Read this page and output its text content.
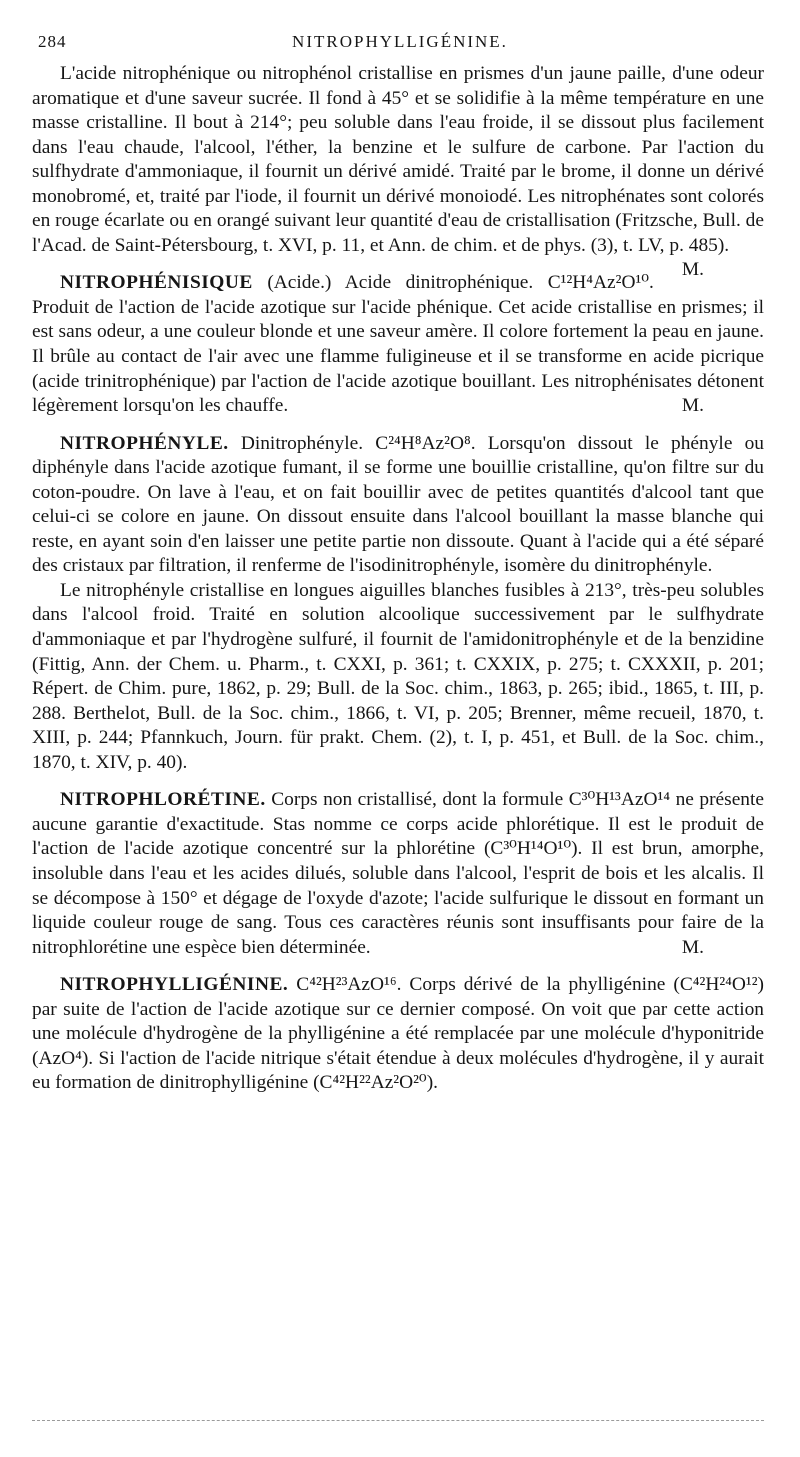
284	NITROPHYLLIGÉNINE.

L'acide nitrophénique ou nitrophénol cristallise en prismes d'un jaune paille, d'une odeur aromatique et d'une saveur sucrée. Il fond à 45° et se solidifie à la même température en une masse cristalline. Il bout à 214°; peu soluble dans l'eau froide, il se dissout plus facilement dans l'eau chaude, l'alcool, l'éther, la benzine et le sulfure de carbone. Par l'action du sulfhydrate d'ammoniaque, il fournit un dérivé amidé. Traité par le brome, il donne un dérivé monobromé, et, traité par l'iode, il fournit un dérivé monoiodé. Les nitrophénates sont colorés en rouge écarlate ou en orangé suivant leur quantité d'eau de cristallisation (Fritzsche, Bull. de l'Acad. de Saint-Pétersbourg, t. XVI, p. 11, et Ann. de chim. et de phys. (3), t. LV, p. 485).
M.

NITROPHÉNISIQUE (Acide.) Acide dinitrophénique. C¹²H⁴Az²O¹⁰. Produit de l'action de l'acide azotique sur l'acide phénique. Cet acide cristallise en prismes; il est sans odeur, a une couleur blonde et une saveur amère. Il colore fortement la peau en jaune. Il brûle au contact de l'air avec une flamme fuligineuse et il se transforme en acide picrique (acide trinitrophénique) par l'action de l'acide azotique bouillant. Les nitrophénisates détonent légèrement lorsqu'on les chauffe.	M.

NITROPHÉNYLE. Dinitrophényle. C²⁴H⁸Az²O⁸. Lorsqu'on dissout le phényle ou diphényle dans l'acide azotique fumant, il se forme une bouillie cristalline, qu'on filtre sur du coton-poudre. On lave à l'eau, et on fait bouillir avec de petites quantités d'alcool tant que celui-ci se colore en jaune. On dissout ensuite dans l'alcool bouillant la masse blanche qui reste, en ayant soin d'en laisser une petite partie non dissoute. Quant à l'acide qui a été séparé des cristaux par filtration, il renferme de l'isodinitrophényle, isomère du dinitrophényle.

Le nitrophényle cristallise en longues aiguilles blanches fusibles à 213°, très-peu solubles dans l'alcool froid. Traité en solution alcoolique successivement par le sulfhydrate d'ammoniaque et par l'hydrogène sulfuré, il fournit de l'amidonitrophényle et de la benzidine (Fittig, Ann. der Chem. u. Pharm., t. CXXI, p. 361; t. CXXIX, p. 275; t. CXXXII, p. 201; Répert. de Chim. pure, 1862, p. 29; Bull. de la Soc. chim., 1863, p. 265; ibid., 1865, t. III, p. 288. Berthelot, Bull. de la Soc. chim., 1866, t. VI, p. 205; Brenner, même recueil, 1870, t. XIII, p. 244; Pfannkuch, Journ. für prakt. Chem. (2), t. I, p. 451, et Bull. de la Soc. chim., 1870, t. XIV, p. 40).

NITROPHLORÉTINE. Corps non cristallisé, dont la formule C³⁰H¹³AzO¹⁴ ne présente aucune garantie d'exactitude. Stas nomme ce corps acide phlorétique. Il est le produit de l'action de l'acide azotique concentré sur la phlorétine (C³⁰H¹⁴O¹⁰). Il est brun, amorphe, insoluble dans l'eau et les acides dilués, soluble dans l'alcool, l'esprit de bois et les alcalis. Il se décompose à 150° et dégage de l'oxyde d'azote; l'acide sulfurique le dissout en formant un liquide couleur rouge de sang. Tous ces caractères réunis sont insuffisants pour faire de la nitrophlorétine une espèce bien déterminée.	M.

NITROPHYLLIGÉNINE. C⁴²H²³AzO¹⁶. Corps dérivé de la phylligénine (C⁴²H²⁴O¹²) par suite de l'action de l'acide azotique sur ce dernier composé. On voit que par cette action une molécule d'hydrogène de la phylligénine a été remplacée par une molécule d'hyponitride (AzO⁴). Si l'action de l'acide nitrique s'était étendue à deux molécules d'hydrogène, il y aurait eu formation de dinitrophylligénine (C⁴²H²²Az²O²⁰).
